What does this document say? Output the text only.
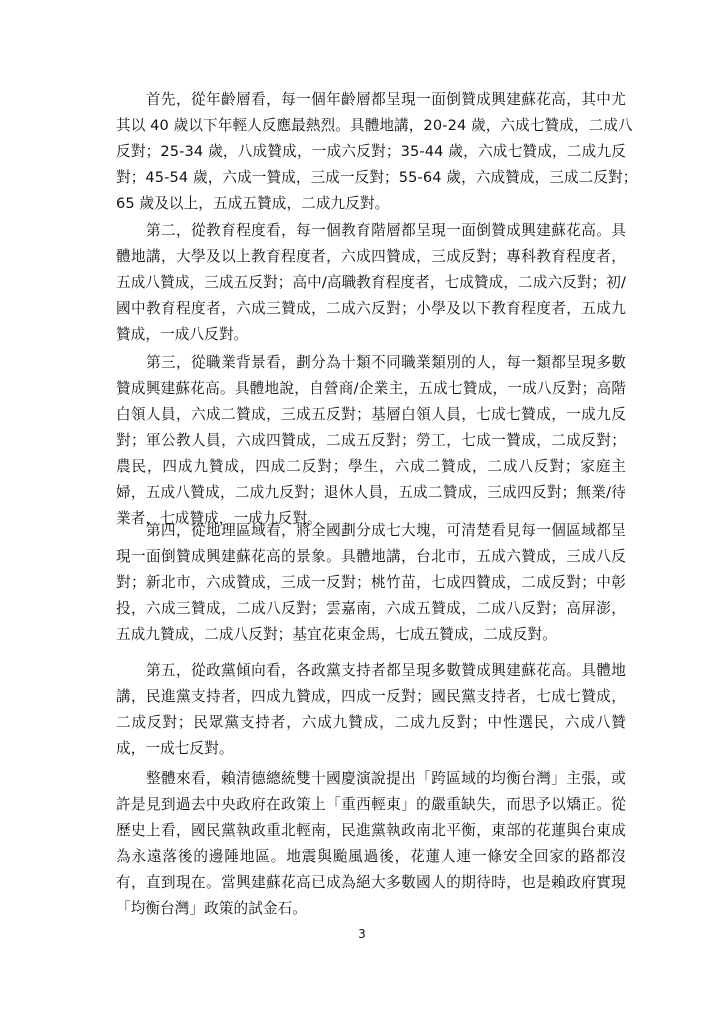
　　首先，從年齡層看，每一個年齡層都呈現一面倒贊成興建蘇花高，其中尤
其以 40 歲以下年輕人反應最熱烈。具體地講，20-24 歲，六成七贊成，二成八
反對；25-34 歲，八成贊成，一成六反對；35-44 歲，六成七贊成，二成九反
對；45-54 歲，六成一贊成，三成一反對；55-64 歲，六成贊成，三成二反對；
65 歲及以上，五成五贊成，二成九反對。
　　第二，從教育程度看，每一個教育階層都呈現一面倒贊成興建蘇花高。具
體地講，大學及以上教育程度者，六成四贊成，三成反對；專科教育程度者，
五成八贊成，三成五反對；高中/高職教育程度者，七成贊成，二成六反對；初/
國中教育程度者，六成三贊成，二成六反對；小學及以下教育程度者，五成九
贊成，一成八反對。
　　第三，從職業背景看，劃分為十類不同職業類別的人，每一類都呈現多數
贊成興建蘇花高。具體地說，自營商/企業主，五成七贊成，一成八反對；高階
白領人員，六成二贊成，三成五反對；基層白領人員，七成七贊成，一成九反
對；軍公教人員，六成四贊成，二成五反對；勞工，七成一贊成，二成反對；
農民，四成九贊成，四成二反對；學生，六成二贊成，二成八反對；家庭主
婦，五成八贊成，二成九反對；退休人員，五成二贊成，三成四反對；無業/待
業者，七成贊成，一成九反對。
　　第四，從地理區域看，將全國劃分成七大塊，可清楚看見每一個區域都呈
現一面倒贊成興建蘇花高的景象。具體地講，台北市，五成六贊成，三成八反
對；新北市，六成贊成，三成一反對；桃竹苗，七成四贊成，二成反對；中彰
投，六成三贊成，二成八反對；雲嘉南，六成五贊成，二成八反對；高屏澎，
五成九贊成，二成八反對；基宜花東金馬，七成五贊成，二成反對。
　　第五，從政黨傾向看，各政黨支持者都呈現多數贊成興建蘇花高。具體地
講，民進黨支持者，四成九贊成，四成一反對；國民黨支持者，七成七贊成，
二成反對；民眾黨支持者，六成九贊成，二成九反對；中性選民，六成八贊
成，一成七反對。
　　整體來看，賴清德總統雙十國慶演說提出「跨區域的均衡台灣」主張，或
許是見到過去中央政府在政策上「重西輕東」的嚴重缺失，而思予以矯正。從
歷史上看，國民黨執政重北輕南，民進黨執政南北平衡，東部的花蓮與台東成
為永遠落後的邊陲地區。地震與颱風過後，花蓮人連一條安全回家的路都沒
有，直到現在。當興建蘇花高已成為絕大多數國人的期待時，也是賴政府實現
「均衡台灣」政策的試金石。
3
